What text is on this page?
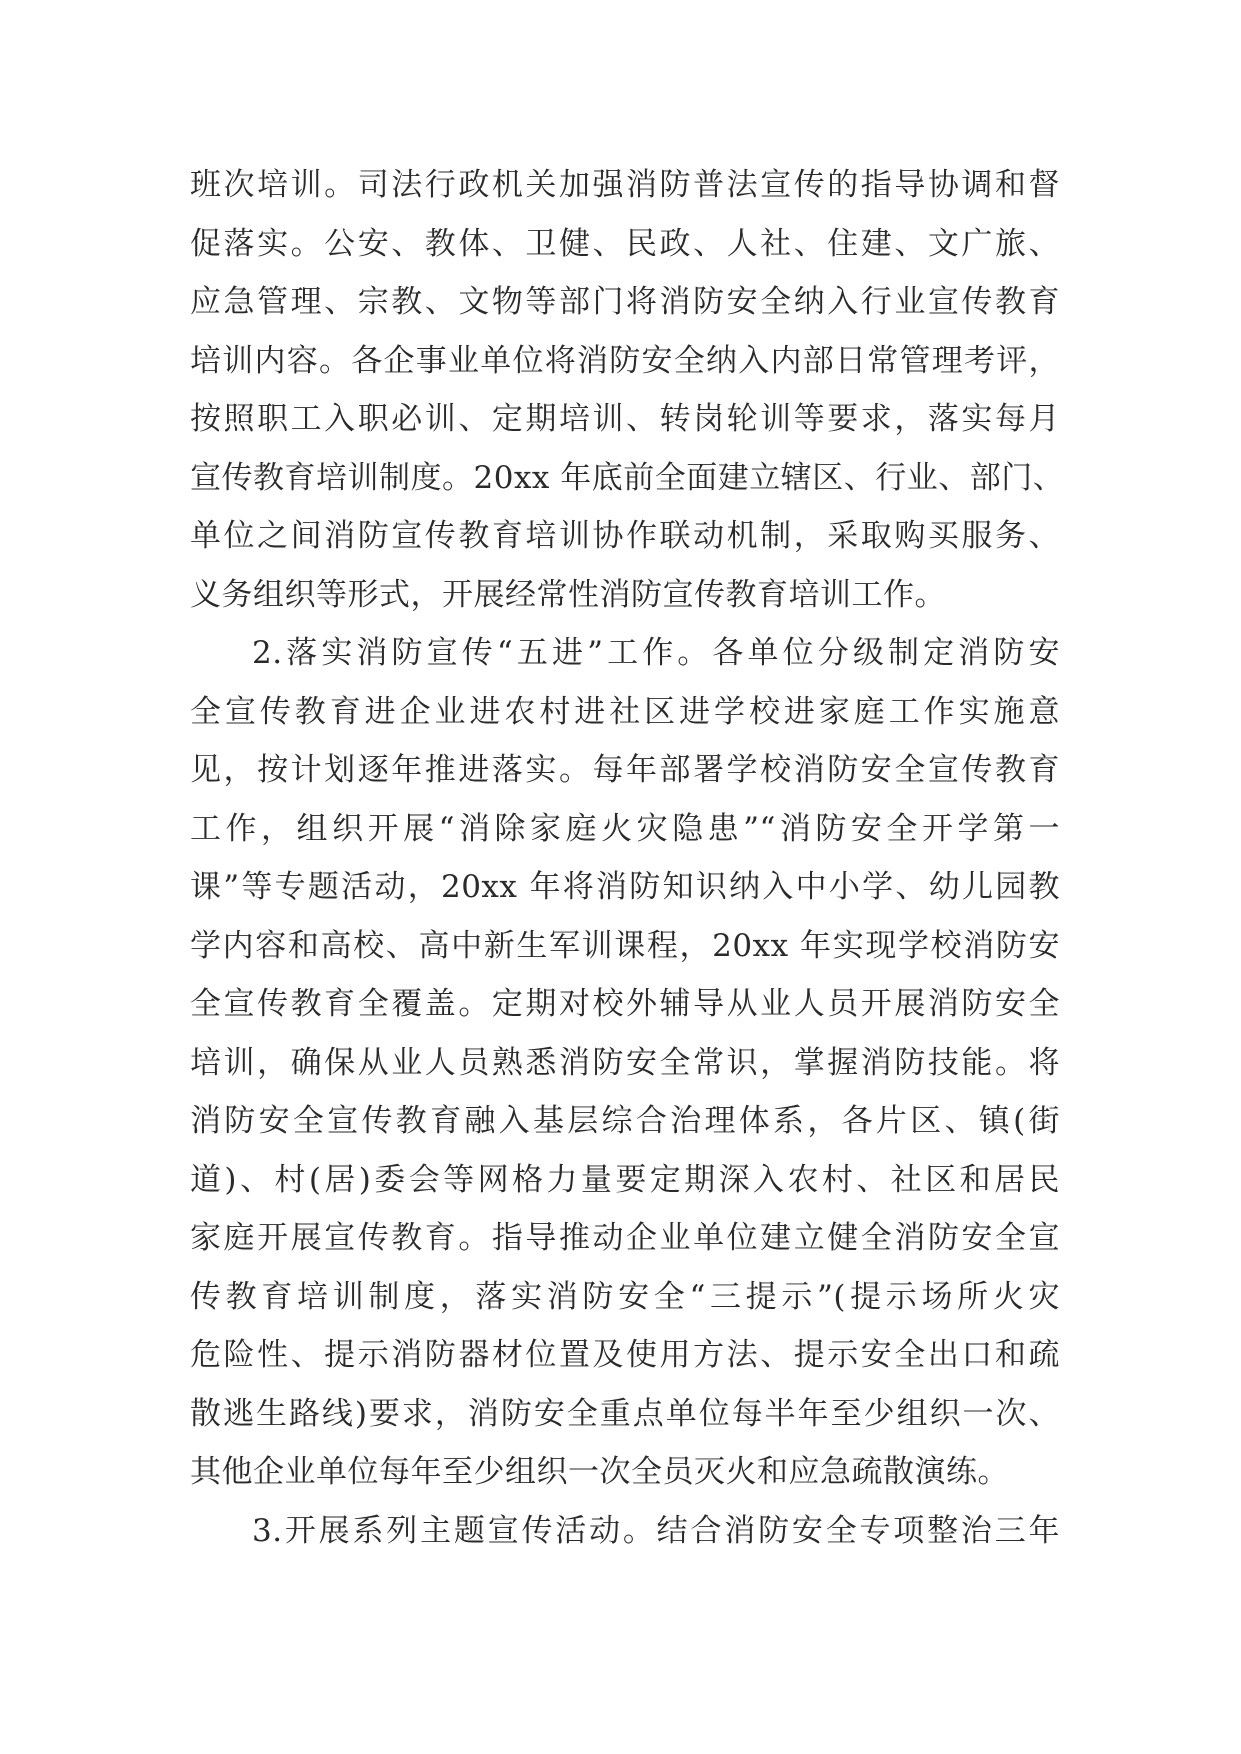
班次培训。司法行政机关加强消防普法宣传的指导协调和督
促落实。公安、教体、卫健、民政、人社、住建、文广旅、
应急管理、宗教、文物等部门将消防安全纳入行业宣传教育
培训内容。各企事业单位将消防安全纳入内部日常管理考评，
按照职工入职必训、定期培训、转岗轮训等要求，落实每月
宣传教育培训制度。20xx 年底前全面建立辖区、行业、部门、
单位之间消防宣传教育培训协作联动机制，采取购买服务、
义务组织等形式，开展经常性消防宣传教育培训工作。
2.落实消防宣传“五进”工作。各单位分级制定消防安
全宣传教育进企业进农村进社区进学校进家庭工作实施意
见，按计划逐年推进落实。每年部署学校消防安全宣传教育
工作，组织开展“消除家庭火灾隐患”“消防安全开学第一
课”等专题活动，20xx 年将消防知识纳入中小学、幼儿园教
学内容和高校、高中新生军训课程，20xx 年实现学校消防安
全宣传教育全覆盖。定期对校外辅导从业人员开展消防安全
培训，确保从业人员熟悉消防安全常识，掌握消防技能。将
消防安全宣传教育融入基层综合治理体系，各片区、镇(街
道)、村(居)委会等网格力量要定期深入农村、社区和居民
家庭开展宣传教育。指导推动企业单位建立健全消防安全宣
传教育培训制度，落实消防安全“三提示”(提示场所火灾
危险性、提示消防器材位置及使用方法、提示安全出口和疏
散逃生路线)要求，消防安全重点单位每半年至少组织一次、
其他企业单位每年至少组织一次全员灭火和应急疏散演练。
3.开展系列主题宣传活动。结合消防安全专项整治三年
